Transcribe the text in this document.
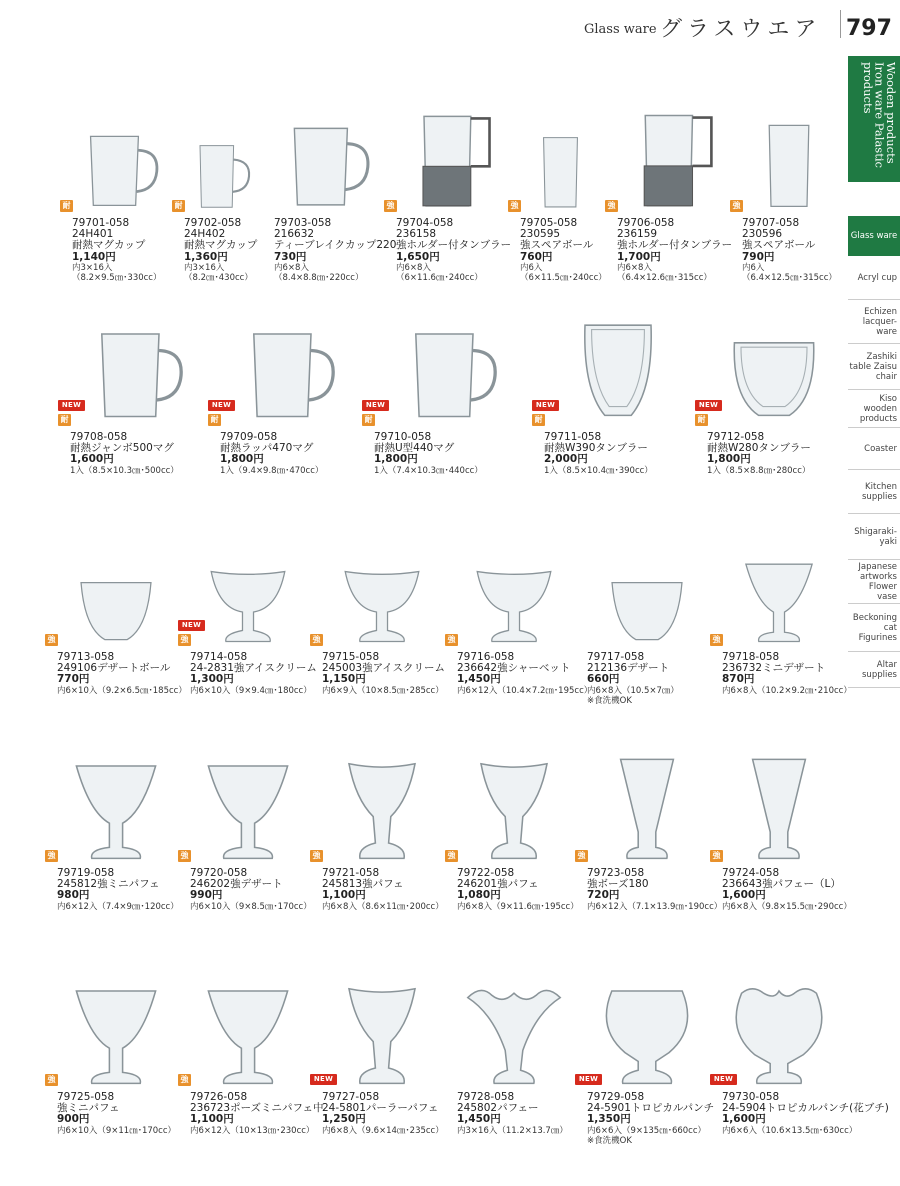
Glass ware グラスウエア 797
Wooden products Iron ware Palastic products
Glass ware
Acryl cup
Echizen lacquer-ware
Zashiki table Zaisu chair
Kiso wooden products
Coaster
Kitchen supplies
Shigaraki-yaki
Japanese artworks Flower vase
Beckoning cat Figurines
Altar supplies
耐
79701-058
24H401
耐熱マグカップ
1,140円
内3×16入
（8.2×9.5㎝･330cc）
耐
79702-058
24H402
耐熱マグカップ
1,360円
内3×16入
（8.2㎝･430cc）
79703-058
216632
ティーブレイクカップ220
730円
内6×8入
（8.4×8.8㎝･220cc）
強
79704-058
236158
強ホルダー付タンブラー
1,650円
内6×8入
（6×11.6㎝･240cc）
強
79705-058
230595
強スペアボール
760円
内6入
（6×11.5㎝･240cc）
強
79706-058
236159
強ホルダー付タンブラー
1,700円
内6×8入
（6.4×12.6㎝･315cc）
強
79707-058
230596
強スペアボール
790円
内6入
（6.4×12.5㎝･315cc）
耐
NEW
79708-058
耐熱ジャンボ500マグ
1,600円
1入（8.5×10.3㎝･500cc）
耐
NEW
79709-058
耐熱ラッパ470マグ
1,800円
1入（9.4×9.8㎝･470cc）
耐
NEW
79710-058
耐熱U型440マグ
1,800円
1入（7.4×10.3㎝･440cc）
耐
NEW
79711-058
耐熱W390タンブラー
2,000円
1入（8.5×10.4㎝･390cc）
耐
NEW
79712-058
耐熱W280タンブラー
1,800円
1入（8.5×8.8㎝･280cc）
強
79713-058
249106デザートボール
770円
内6×10入（9.2×6.5㎝･185cc）
強
NEW
79714-058
24-2831強アイスクリーム
1,300円
内6×10入（9×9.4㎝･180cc）
強
79715-058
245003強アイスクリーム
1,150円
内6×9入（10×8.5㎝･285cc）
強
79716-058
236642強シャーベット
1,450円
内6×12入（10.4×7.2㎝･195cc）
79717-058
212136デザート
660円
内6×8入（10.5×7㎝）
※食洗機OK
強
79718-058
236732ミニデザート
870円
内6×8入（10.2×9.2㎝･210cc）
強
79719-058
245812強ミニパフェ
980円
内6×12入（7.4×9㎝･120cc）
強
79720-058
246202強デザート
990円
内6×10入（9×8.5㎝･170cc）
強
79721-058
245813強パフェ
1,100円
内6×8入（8.6×11㎝･200cc）
強
79722-058
246201強パフェ
1,080円
内6×8入（9×11.6㎝･195cc）
強
79723-058
強ボーズ180
720円
内6×12入（7.1×13.9㎝･190cc）
強
79724-058
236643強パフェー（L）
1,600円
内6×8入（9.8×15.5㎝･290cc）
強
79725-058
強ミニパフェ
900円
内6×10入（9×11㎝･170cc）
強
79726-058
236723ポーズミニパフェ中
1,100円
内6×12入（10×13㎝･230cc）
NEW
79727-058
24-5801パーラーパフェ
1,250円
内6×8入（9.6×14㎝･235cc）
79728-058
245802パフェー
1,450円
内3×16入（11.2×13.7㎝）
NEW
79729-058
24-5901トロピカルパンチ
1,350円
内6×6入（9×135㎝･660cc）
※食洗機OK
NEW
79730-058
24-5904トロピカルパンチ(花ブチ)
1,600円
内6×6入（10.6×13.5㎝･630cc）
